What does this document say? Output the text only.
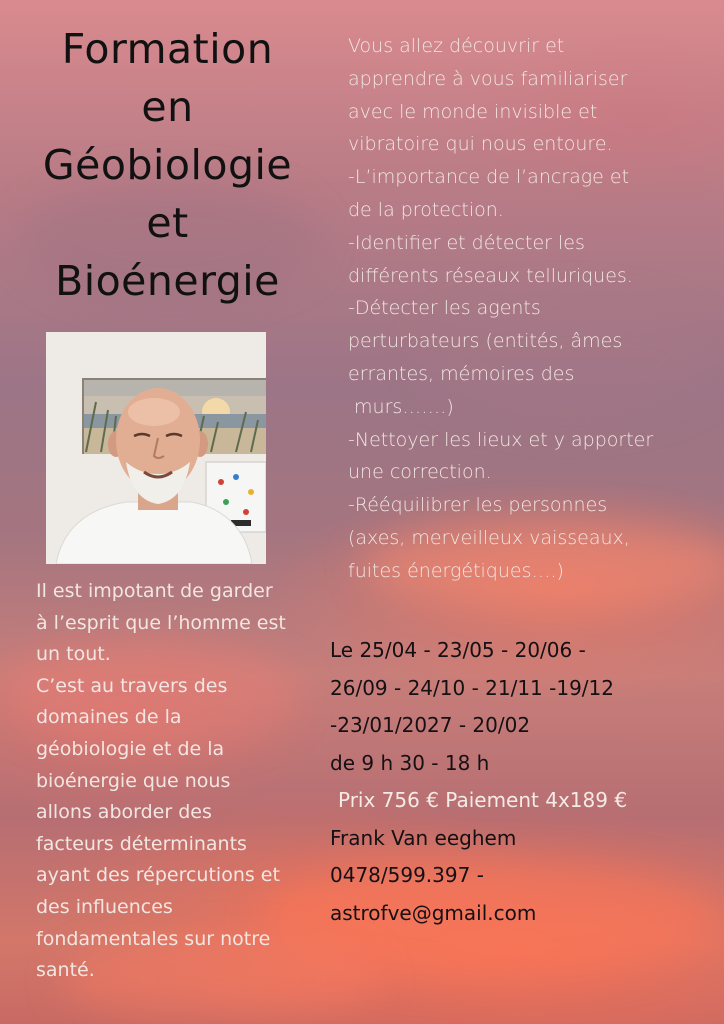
Formation
en
Géobiologie
et
Bioénergie
Vous allez découvrir et
apprendre à vous familiariser
avec le monde invisible et
vibratoire qui nous entoure.
-L’importance de l’ancrage et
de la protection.
-Identifier et détecter les
différents réseaux telluriques.
-Détecter les agents
perturbateurs (entités, âmes
errantes, mémoires des
murs…….)
-Nettoyer les lieux et y apporter
une correction.
-Rééquilibrer les personnes
(axes, merveilleux vaisseaux,
fuites énergétiques….)
Il est impotant de garder
à l’esprit que l’homme est
un tout.
C’est au travers des
domaines de la
géobiologie et de la
bioénergie que nous
allons aborder des
facteurs déterminants
ayant des répercutions et
des influences
fondamentales sur notre
santé.
Le 25/04 - 23/05 - 20/06 -
26/09 - 24/10 - 21/11 -19/12
-23/01/2027 - 20/02
de 9 h 30 - 18 h
Prix 756 € Paiement 4x189 €
Frank Van eeghem
0478/599.397 -
astrofve@gmail.com
